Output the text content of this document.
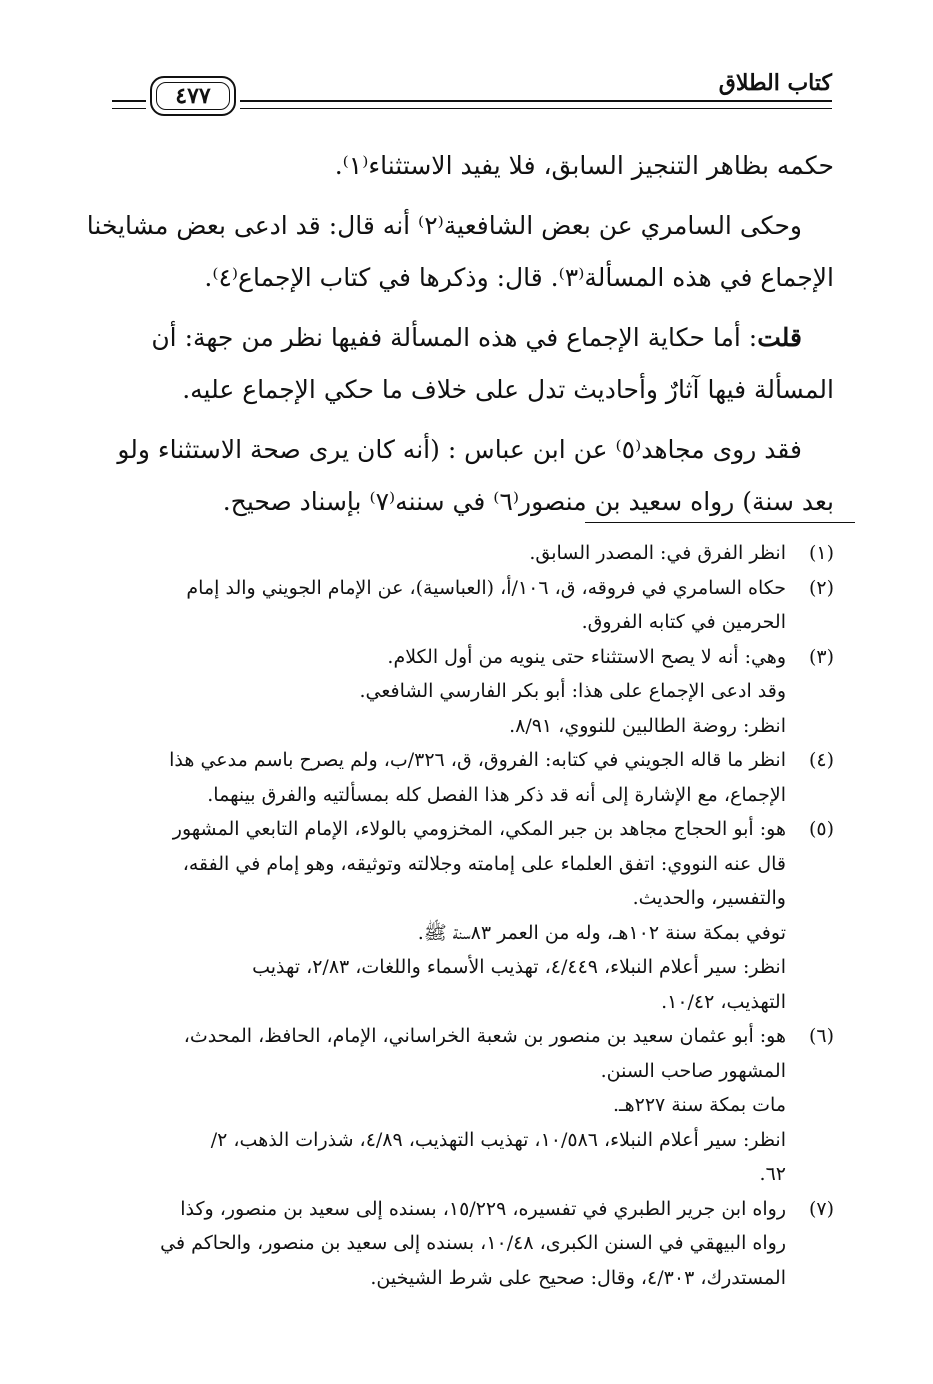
كتاب الطلاق
٤٧٧

حكمه بظاهر التنجيز السابق، فلا يفيد الاستثناء⁽١⁾.

وحكى السامري عن بعض الشافعية⁽٢⁾ أنه قال: قد ادعى بعض مشايخنا
الإجماع في هذه المسألة⁽٣⁾. قال: وذكرها في كتاب الإجماع⁽٤⁾.

قلت: أما حكاية الإجماع في هذه المسألة ففيها نظر من جهة: أن
المسألة فيها آثارٌ وأحاديث تدل على خلاف ما حكي الإجماع عليه.

فقد روى مجاهد⁽٥⁾ عن ابن عباس : (أنه كان يرى صحة الاستثناء ولو
بعد سنة) رواه سعيد بن منصور⁽٦⁾ في سننه⁽٧⁾ بإسناد صحيح.

(١)
انظر الفرق في: المصدر السابق.
(٢)
حكاه السامري في فروقه، ق، ١٠٦/أ، (العباسية)، عن الإمام الجويني والد إمام
الحرمين في كتابه الفروق.
(٣)
وهي: أنه لا يصح الاستثناء حتى ينويه من أول الكلام.
وقد ادعى الإجماع على هذا: أبو بكر الفارسي الشافعي.
انظر: روضة الطالبين للنووي، ٨/٩١.
(٤)
انظر ما قاله الجويني في كتابه: الفروق، ق، ٣٢٦/ب، ولم يصرح باسم مدعي هذا
الإجماع، مع الإشارة إلى أنه قد ذكر هذا الفصل كله بمسألتيه والفرق بينهما.
(٥)
هو: أبو الحجاج مجاهد بن جبر المكي، المخزومي بالولاء، الإمام التابعي المشهور
قال عنه النووي: اتفق العلماء على إمامته وجلالته وتوثيقه، وهو إمام في الفقه،
والتفسير، والحديث.
توفي بمكة سنة ١٠٢هـ، وله من العمر ٨٣سنة ﷺ.
انظر: سير أعلام النبلاء، ٤/٤٤٩، تهذيب الأسماء واللغات، ٢/٨٣، تهذيب
التهذيب، ١٠/٤٢.
(٦)
هو: أبو عثمان سعيد بن منصور بن شعبة الخراساني، الإمام، الحافظ، المحدث،
المشهور صاحب السنن.
مات بمكة سنة ٢٢٧هـ.
انظر: سير أعلام النبلاء، ١٠/٥٨٦، تهذيب التهذيب، ٤/٨٩، شذرات الذهب، ٢/
٦٢.
(٧)
رواه ابن جرير الطبري في تفسيره، ١٥/٢٢٩، بسنده إلى سعيد بن منصور، وكذا
رواه البيهقي في السنن الكبرى، ١٠/٤٨، بسنده إلى سعيد بن منصور، والحاكم في
المستدرك، ٤/٣٠٣، وقال: صحيح على شرط الشيخين.
